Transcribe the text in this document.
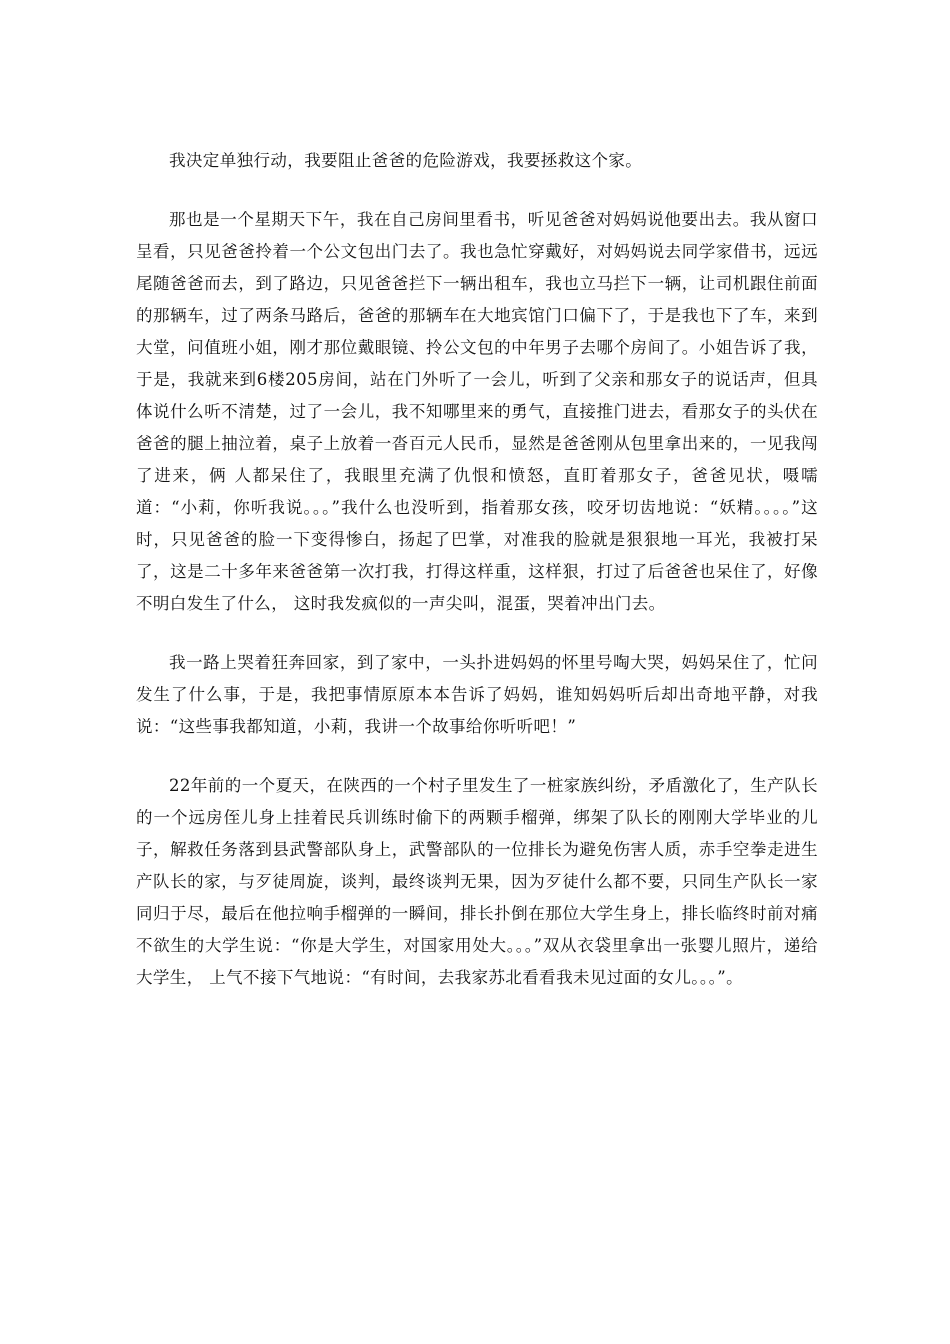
我决定单独行动，我要阻止爸爸的危险游戏，我要拯救这个家。

那也是一个星期天下午，我在自己房间里看书，听见爸爸对妈妈说他要出去。我从窗口呈看，只见爸爸拎着一个公文包出门去了。我也急忙穿戴好，对妈妈说去同学家借书，远远尾随爸爸而去，到了路边，只见爸爸拦下一辆出租车，我也立马拦下一辆，让司机跟住前面的那辆车，过了两条马路后，爸爸的那辆车在大地宾馆门口偏下了，于是我也下了车，来到大堂，问值班小姐，刚才那位戴眼镜、拎公文包的中年男子去哪个房间了。小姐告诉了我，于是，我就来到6楼205房间，站在门外听了一会儿，听到了父亲和那女子的说话声，但具体说什么听不清楚，过了一会儿，我不知哪里来的勇气，直接推门进去，看那女子的头伏在爸爸的腿上抽泣着，桌子上放着一沓百元人民币，显然是爸爸刚从包里拿出来的，一见我闯了进来，俩 人都呆住了，我眼里充满了仇恨和愤怒，直盯着那女子，爸爸见状，嗫嚅道：“小莉，你听我说。。。”我什么也没听到，指着那女孩，咬牙切齿地说：“妖精。。。。”这时，只见爸爸的脸一下变得惨白，扬起了巴掌，对准我的脸就是狠狠地一耳光，我被打呆了，这是二十多年来爸爸第一次打我，打得这样重，这样狠，打过了后爸爸也呆住了，好像不明白发生了什么， 这时我发疯似的一声尖叫，混蛋，哭着冲出门去。

我一路上哭着狂奔回家，到了家中，一头扑进妈妈的怀里号啕大哭，妈妈呆住了，忙问发生了什么事，于是，我把事情原原本本告诉了妈妈，谁知妈妈听后却出奇地平静，对我说：“这些事我都知道，小莉，我讲一个故事给你听听吧！”

22年前的一个夏天，在陕西的一个村子里发生了一桩家族纠纷，矛盾激化了，生产队长的一个远房侄儿身上挂着民兵训练时偷下的两颗手榴弹，绑架了队长的刚刚大学毕业的儿子，解救任务落到县武警部队身上，武警部队的一位排长为避免伤害人质，赤手空拳走进生产队长的家，与歹徒周旋，谈判，最终谈判无果，因为歹徒什么都不要，只同生产队长一家同归于尽，最后在他拉响手榴弹的一瞬间，排长扑倒在那位大学生身上，排长临终时前对痛不欲生的大学生说：“你是大学生，对国家用处大。。。”双从衣袋里拿出一张婴儿照片，递给大学生， 上气不接下气地说：“有时间，去我家苏北看看我未见过面的女儿。。。”。
